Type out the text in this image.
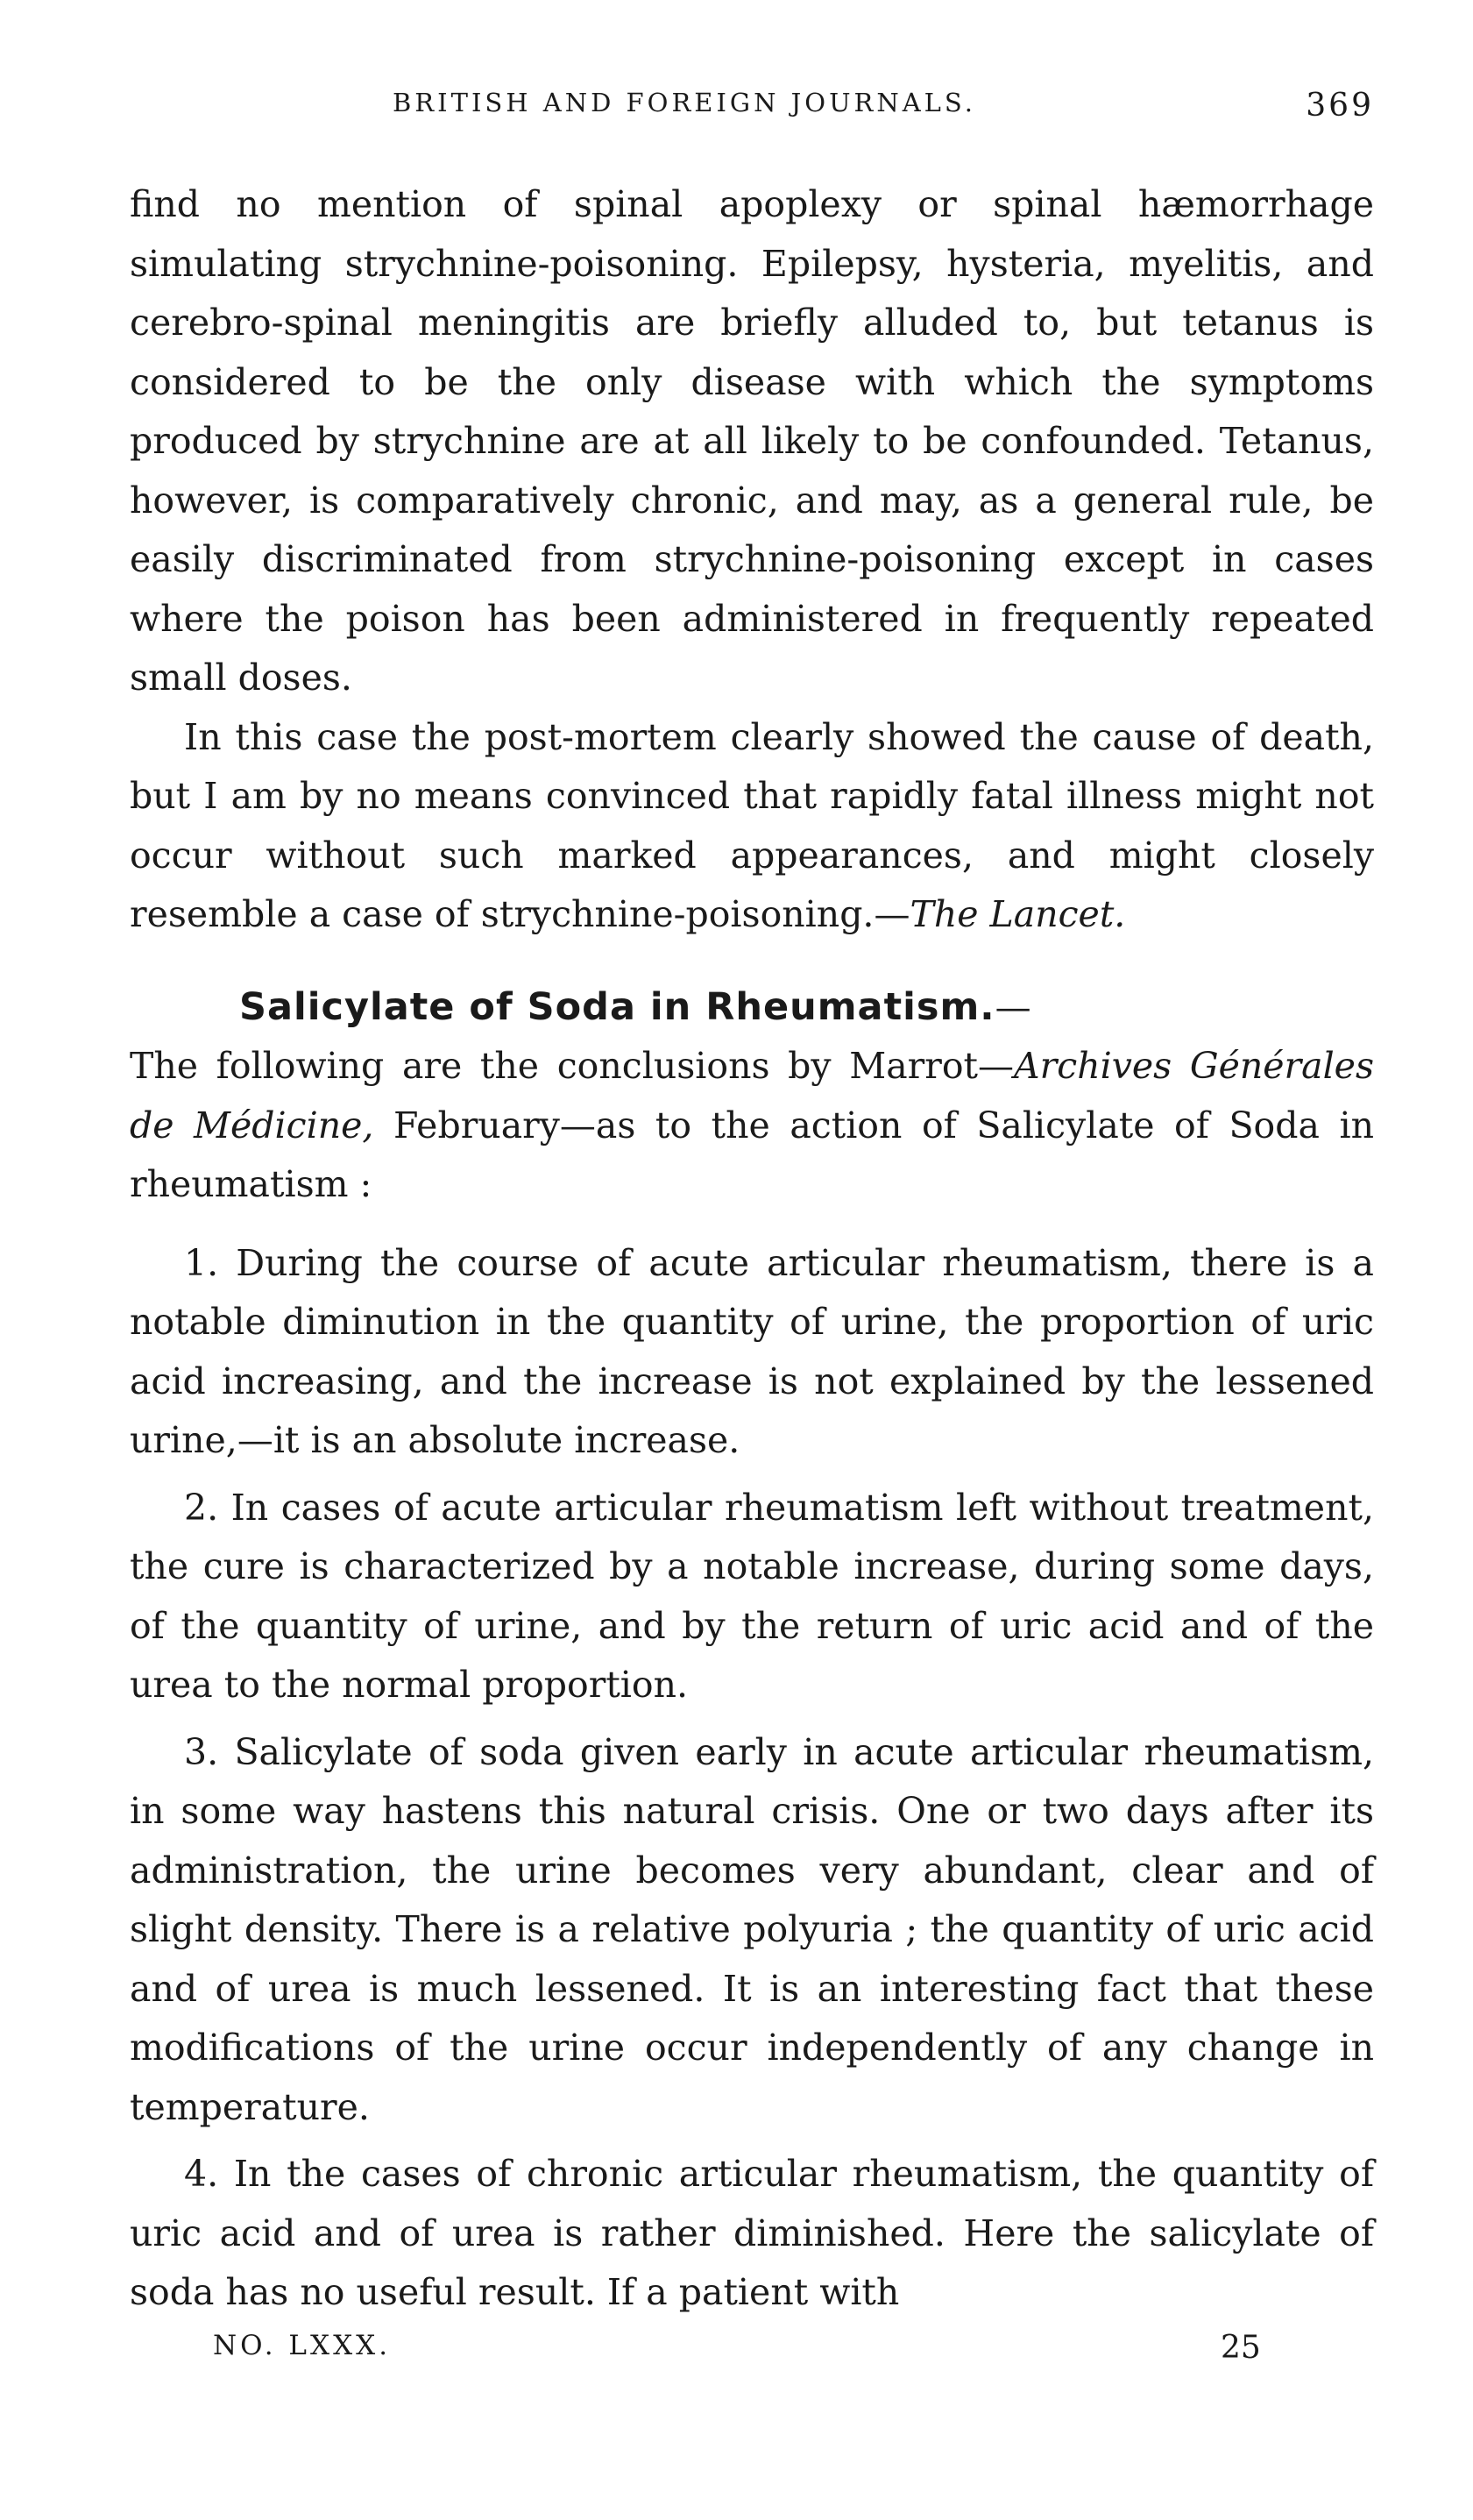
BRITISH AND FOREIGN JOURNALS.	369

find no mention of spinal apoplexy or spinal hæmorrhage simulating strychnine-poisoning. Epilepsy, hysteria, myelitis, and cerebro-spinal meningitis are briefly alluded to, but tetanus is considered to be the only disease with which the symptoms produced by strychnine are at all likely to be confounded. Tetanus, however, is comparatively chronic, and may, as a general rule, be easily discriminated from strychnine-poisoning except in cases where the poison has been administered in frequently repeated small doses.

In this case the post-mortem clearly showed the cause of death, but I am by no means convinced that rapidly fatal illness might not occur without such marked appearances, and might closely resemble a case of strychnine-poisoning.—The Lancet.

Salicylate of Soda in Rheumatism.—

The following are the conclusions by Marrot—Archives Générales de Médicine, February—as to the action of Salicylate of Soda in rheumatism :

1. During the course of acute articular rheumatism, there is a notable diminution in the quantity of urine, the proportion of uric acid increasing, and the increase is not explained by the lessened urine,—it is an absolute increase.

2. In cases of acute articular rheumatism left without treatment, the cure is characterized by a notable increase, during some days, of the quantity of urine, and by the return of uric acid and of the urea to the normal proportion.

3. Salicylate of soda given early in acute articular rheumatism, in some way hastens this natural crisis. One or two days after its administration, the urine becomes very abundant, clear and of slight density. There is a relative polyuria ; the quantity of uric acid and of urea is much lessened. It is an interesting fact that these modifications of the urine occur independently of any change in temperature.

4. In the cases of chronic articular rheumatism, the quantity of uric acid and of urea is rather diminished. Here the salicylate of soda has no useful result. If a patient with

NO. LXXX.	25
